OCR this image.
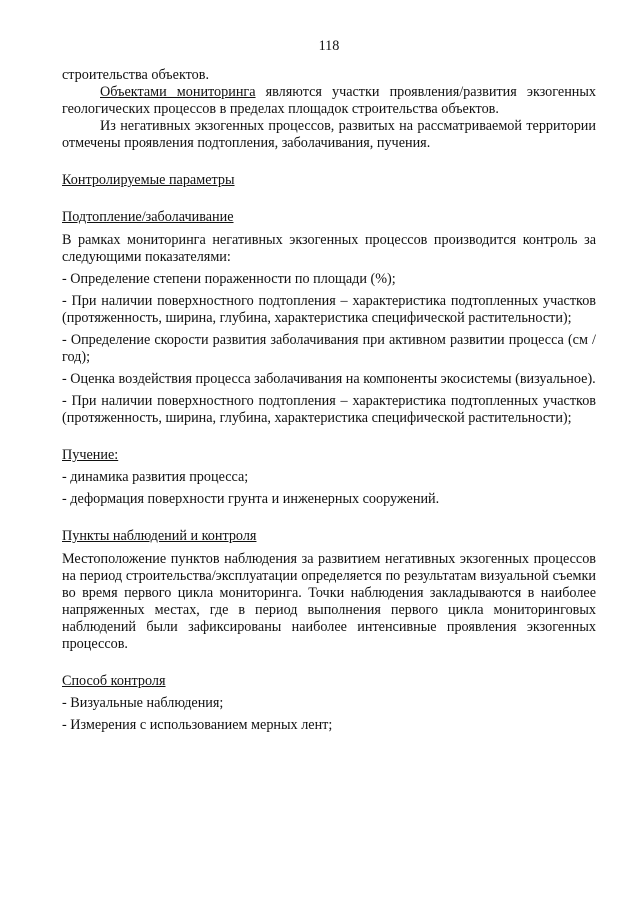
118

строительства объектов.

Объектами мониторинга являются участки проявления/развития экзогенных геологических процессов в пределах площадок строительства объектов.

Из негативных экзогенных процессов, развитых на рассматриваемой территории отмечены проявления подтопления, заболачивания, пучения.

Контролируемые параметры

Подтопление/заболачивание

В рамках мониторинга негативных экзогенных процессов производится контроль за следующими показателями:

- Определение степени пораженности по площади (%);

- При наличии поверхностного подтопления – характеристика подтопленных участков (протяженность, ширина, глубина, характеристика специфической растительности);

- Определение скорости развития заболачивания при активном развитии процесса (см / год);

- Оценка воздействия процесса заболачивания на компоненты экосистемы (визуальное).

- При наличии поверхностного подтопления – характеристика подтопленных участков (протяженность, ширина, глубина, характеристика специфической растительности);

Пучение:

- динамика развития процесса;

- деформация поверхности грунта и инженерных сооружений.

Пункты наблюдений и контроля

Местоположение пунктов наблюдения за развитием негативных экзогенных процессов на период строительства/эксплуатации определяется по результатам визуальной съемки во время первого цикла мониторинга. Точки наблюдения закладываются в наиболее напряженных местах, где в период выполнения первого цикла мониторинговых наблюдений были зафиксированы наиболее интенсивные проявления экзогенных процессов.

Способ контроля

- Визуальные наблюдения;

- Измерения с использованием мерных лент;
